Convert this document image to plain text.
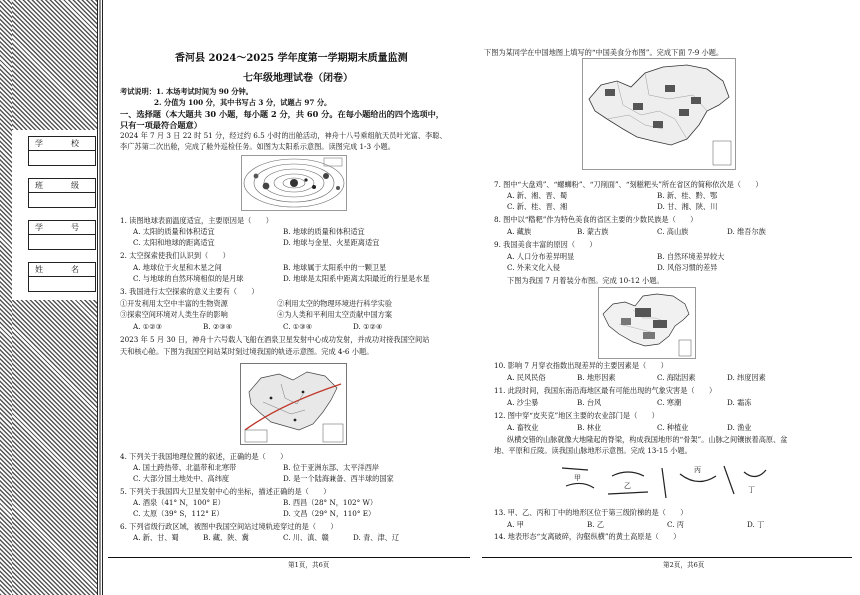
学　校
班　级
学　号
姓　名
香河县 2024～2025 学年度第一学期期末质量监测
七年级地理试卷（闭卷）
考试说明：1. 本场考试时间为 90 分钟。
2. 分值为 100 分，其中书写占 3 分，试题占 97 分。
一、选择题（本大题共 30 小题，每小题 2 分，共 60 分。在每小题给出的四个选项中，
只有一项最符合题意）
2024 年 7 月 3 日 22 时 51 分，经过约 6.5 小时的出舱活动，神舟十八号乘组航天员叶光富、李聪、
李广苏第二次出舱，完成了舱外巡检任务。如图为太阳系示意图。读图完成 1-3 小题。
1. 读图地球表面温度适宜，主要原因是（　　）
A. 太阳的质量和体积适宜	B. 地球的质量和体积适宜
C. 太阳和地球的距离适宜	D. 地球与金星、火星距离适宜
2. 太空探索使我们认识到（　　）
A. 地球位于火星和木星之间	B. 地球属于太阳系中的一颗卫星
C. 与地球的自然环境相似的是月球	D. 地球是太阳系中距离太阳最近的行星是水星
3. 我国进行太空探索的意义主要有（　　）
①开发利用太空中丰富的生物资源	②利用太空的物理环境进行科学实验
③探索空间环境对人类生存的影响	④为人类和平利用太空贡献中国方案
A. ①②③	B. ②③④	C. ①③④	D. ①②④
2023 年 5 月 30 日，神舟十六号载人飞船在酒泉卫星发射中心成功发射，并成功对接我国空间站
天和核心舱。下图为我国空间站某时刻过境我国的轨迹示意图。完成 4-6 小题。
4. 下列关于我国地理位置的叙述，正确的是（　　）
A. 国土跨热带、北温带和北寒带	B. 位于亚洲东部、太平洋西岸
C. 大部分国土地处中、高纬度	D. 是一个陆海兼备、西半球的国家
5. 下列关于我国四大卫星发射中心的坐标，描述正确的是（　　）
A. 酒泉（41° N，100° E）	B. 西昌（28° N，102° W）
C. 太原（39° S，112° E）	D. 文昌（29° N，110° E）
6. 下列省级行政区域，被图中我国空间站过境轨迹穿过的是（　　）
A. 新、甘、蜀	B. 藏、陕、冀	C. 川、滇、赣	D. 青、津、辽
第1页，共6页
下图为某同学在中国地图上填写的“中国美食分布图”。完成下面 7-9 小题。
7. 图中“大盘鸡”、“螺蛳粉”、“刀削面”、“刻糍粑头”所在省区的简称依次是（　　）
A. 新、湘、晋、蜀	B. 新、桂、黔、鄂
C. 新、桂、晋、湘	D. 甘、湘、陕、川
8. 图中以“糌粑”作为特色美食的省区主要的少数民族是（　　）
A. 藏族	B. 蒙古族	C. 高山族	D. 维吾尔族
9. 我国美食丰富的原因（　　）
A. 人口分布差异明显	B. 自然环境差异较大
C. 外来文化入侵	D. 风俗习惯的差异
下图为我国 7 月着装分布图。完成 10-12 小题。
10. 影响 7 月穿衣指数出现差异的主要因素是（　　）
A. 民风民俗	B. 地形因素	C. 海陆因素	D. 纬度因素
11. 此段时间，我国东南沿海地区最有可能出现的气象灾害是（　　）
A. 沙尘暴	B. 台风	C. 寒潮	D. 霜冻
12. 图中穿“皮夹克”地区主要的农业部门是（　　）
A. 畜牧业	B. 林业	C. 种植业	D. 渔业
纵横交错的山脉就像大地隆起的脊梁，构成我国地形的“骨架”。山脉之间镶嵌着高原、盆
地、平原和丘陵。读我国山脉地形示意图。完成 13-15 小题。
甲
乙
丙
丁
13. 甲、乙、丙和丁中的地形区位于第三级阶梯的是（　　）
A. 甲	B. 乙	C. 丙	D. 丁
14. 地表形态“支离破碎，沟壑纵横”的黄土高原是（　　）
第2页，共6页
